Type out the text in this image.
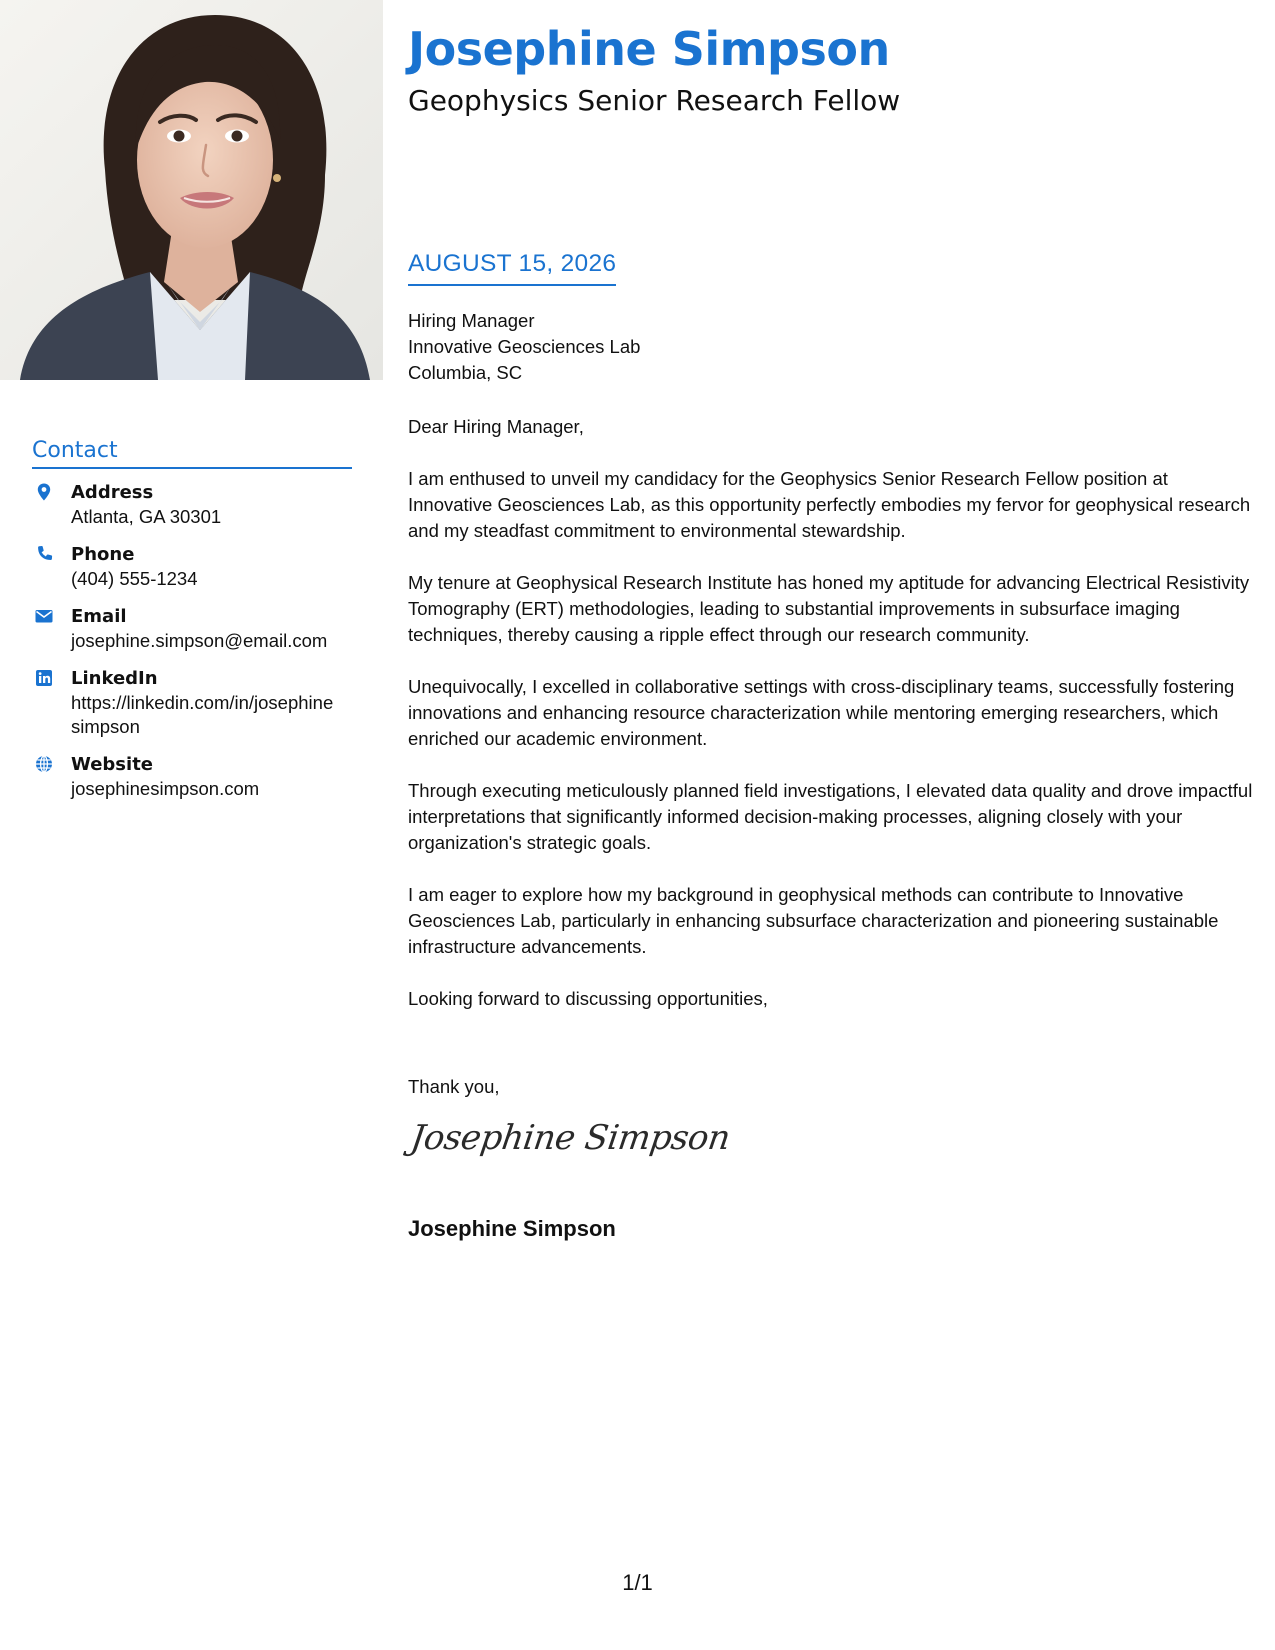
Josephine Simpson
Geophysics Senior Research Fellow
Contact
Address
Atlanta, GA 30301
Phone
(404) 555-1234
Email
josephine.simpson@email.com
LinkedIn
https://linkedin.com/in/josephine
simpson
Website
josephinesimpson.com
AUGUST 15, 2026
Hiring Manager
Innovative Geosciences Lab
Columbia, SC

Dear Hiring Manager,

I am enthused to unveil my candidacy for the Geophysics Senior Research Fellow position at Innovative Geosciences Lab, as this opportunity perfectly embodies my fervor for geophysical research and my steadfast commitment to environmental stewardship.

My tenure at Geophysical Research Institute has honed my aptitude for advancing Electrical Resistivity Tomography (ERT) methodologies, leading to substantial improvements in subsurface imaging techniques, thereby causing a ripple effect through our research community.

Unequivocally, I excelled in collaborative settings with cross-disciplinary teams, successfully fostering innovations and enhancing resource characterization while mentoring emerging researchers, which enriched our academic environment.

Through executing meticulously planned field investigations, I elevated data quality and drove impactful interpretations that significantly informed decision-making processes, aligning closely with your organization's strategic goals.

I am eager to explore how my background in geophysical methods can contribute to Innovative Geosciences Lab, particularly in enhancing subsurface characterization and pioneering sustainable infrastructure advancements.

Looking forward to discussing opportunities,

Thank you,
Josephine Simpson
Josephine Simpson
1/1
